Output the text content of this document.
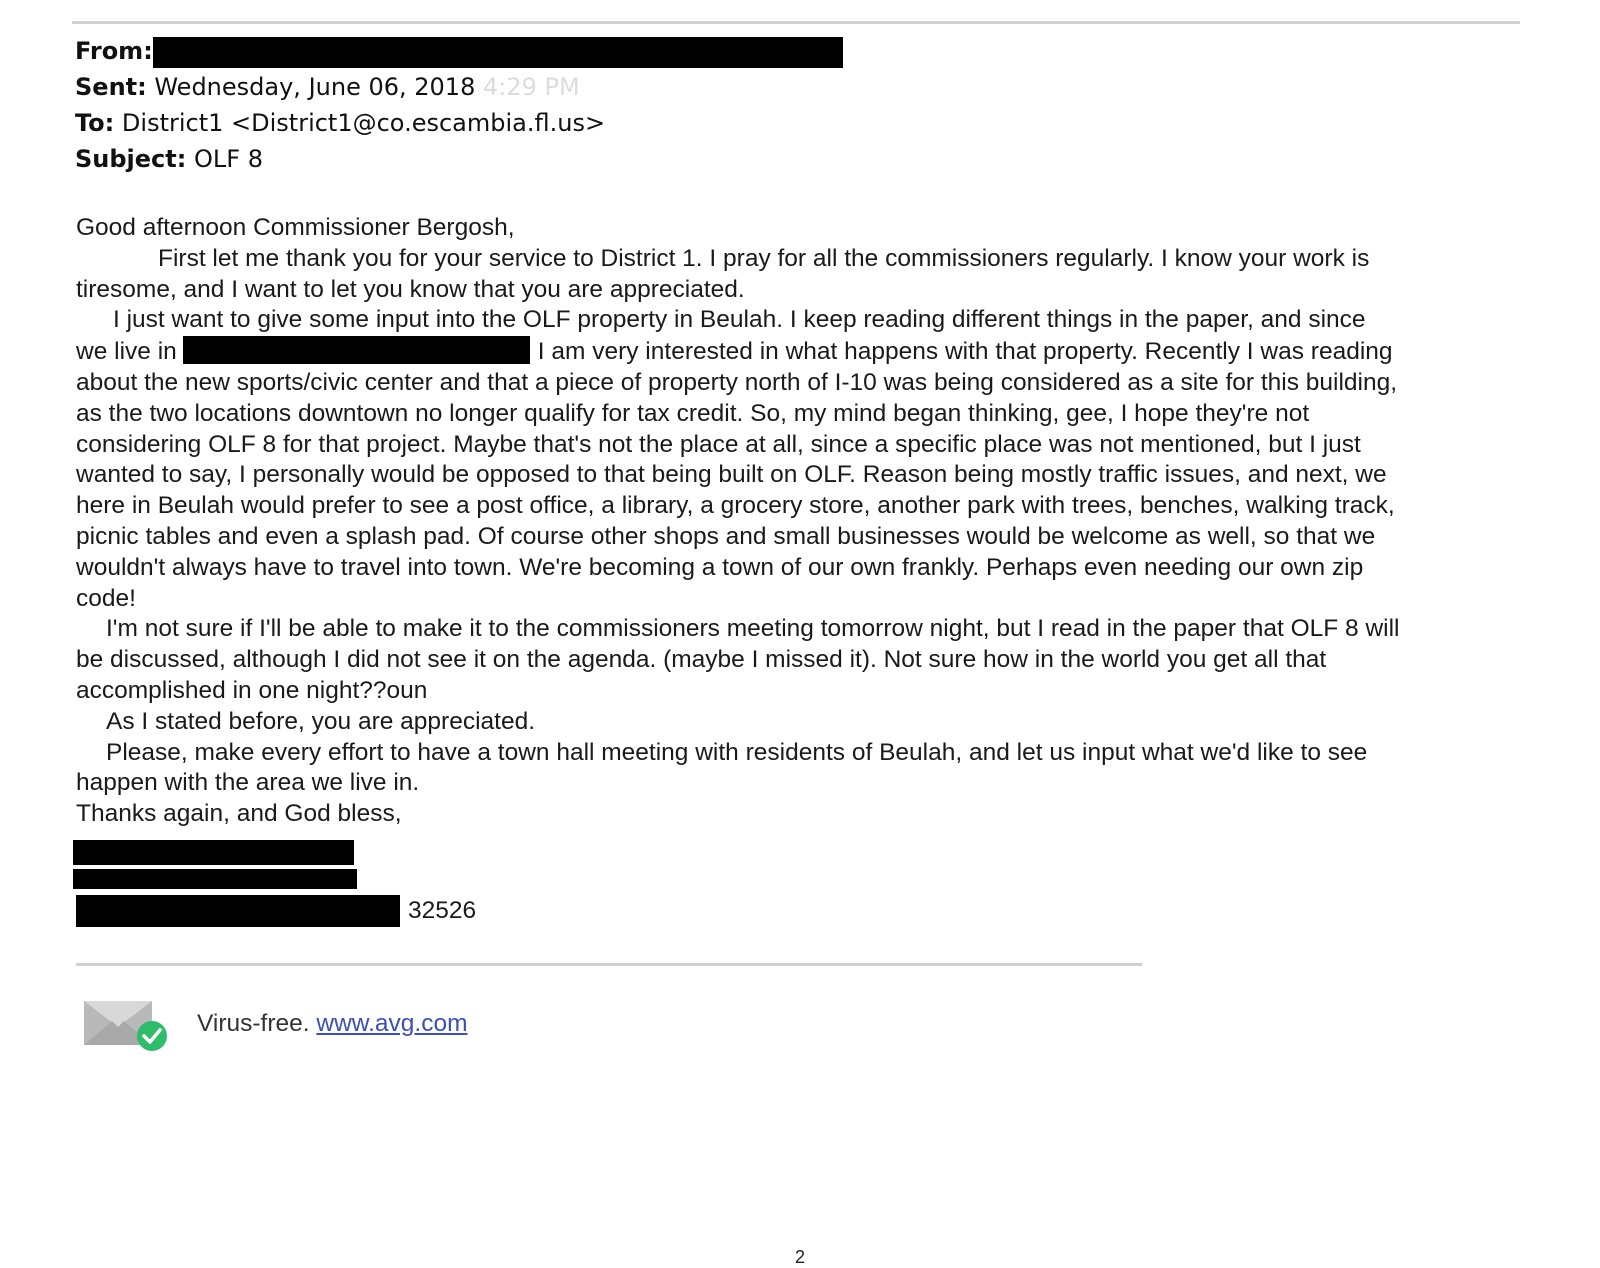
From:
Sent: Wednesday, June 06, 2018 4:29 PM
To: District1 <District1@co.escambia.fl.us>
Subject: OLF 8
Good afternoon Commissioner Bergosh,
First let me thank you for your service to District 1. I pray for all the commissioners regularly. I know your work is
tiresome, and I want to let you know that you are appreciated.
I just want to give some input into the OLF property in Beulah. I keep reading different things in the paper, and since
we live in	I am very interested in what happens with that property. Recently I was reading
about the new sports/civic center and that a piece of property north of I-10 was being considered as a site for this building,
as the two locations downtown no longer qualify for tax credit. So, my mind began thinking, gee, I hope they're not
considering OLF 8 for that project. Maybe that's not the place at all, since a specific place was not mentioned, but I just
wanted to say, I personally would be opposed to that being built on OLF. Reason being mostly traffic issues, and next, we
here in Beulah would prefer to see a post office, a library, a grocery store, another park with trees, benches, walking track,
picnic tables and even a splash pad. Of course other shops and small businesses would be welcome as well, so that we
wouldn't always have to travel into town. We're becoming a town of our own frankly. Perhaps even needing our own zip
code!
I'm not sure if I'll be able to make it to the commissioners meeting tomorrow night, but I read in the paper that OLF 8 will
be discussed, although I did not see it on the agenda. (maybe I missed it). Not sure how in the world you get all that
accomplished in one night??oun
As I stated before, you are appreciated.
Please, make every effort to have a town hall meeting with residents of Beulah, and let us input what we'd like to see
happen with the area we live in.
Thanks again, and God bless,
32526
Virus-free. www.avg.com
2
